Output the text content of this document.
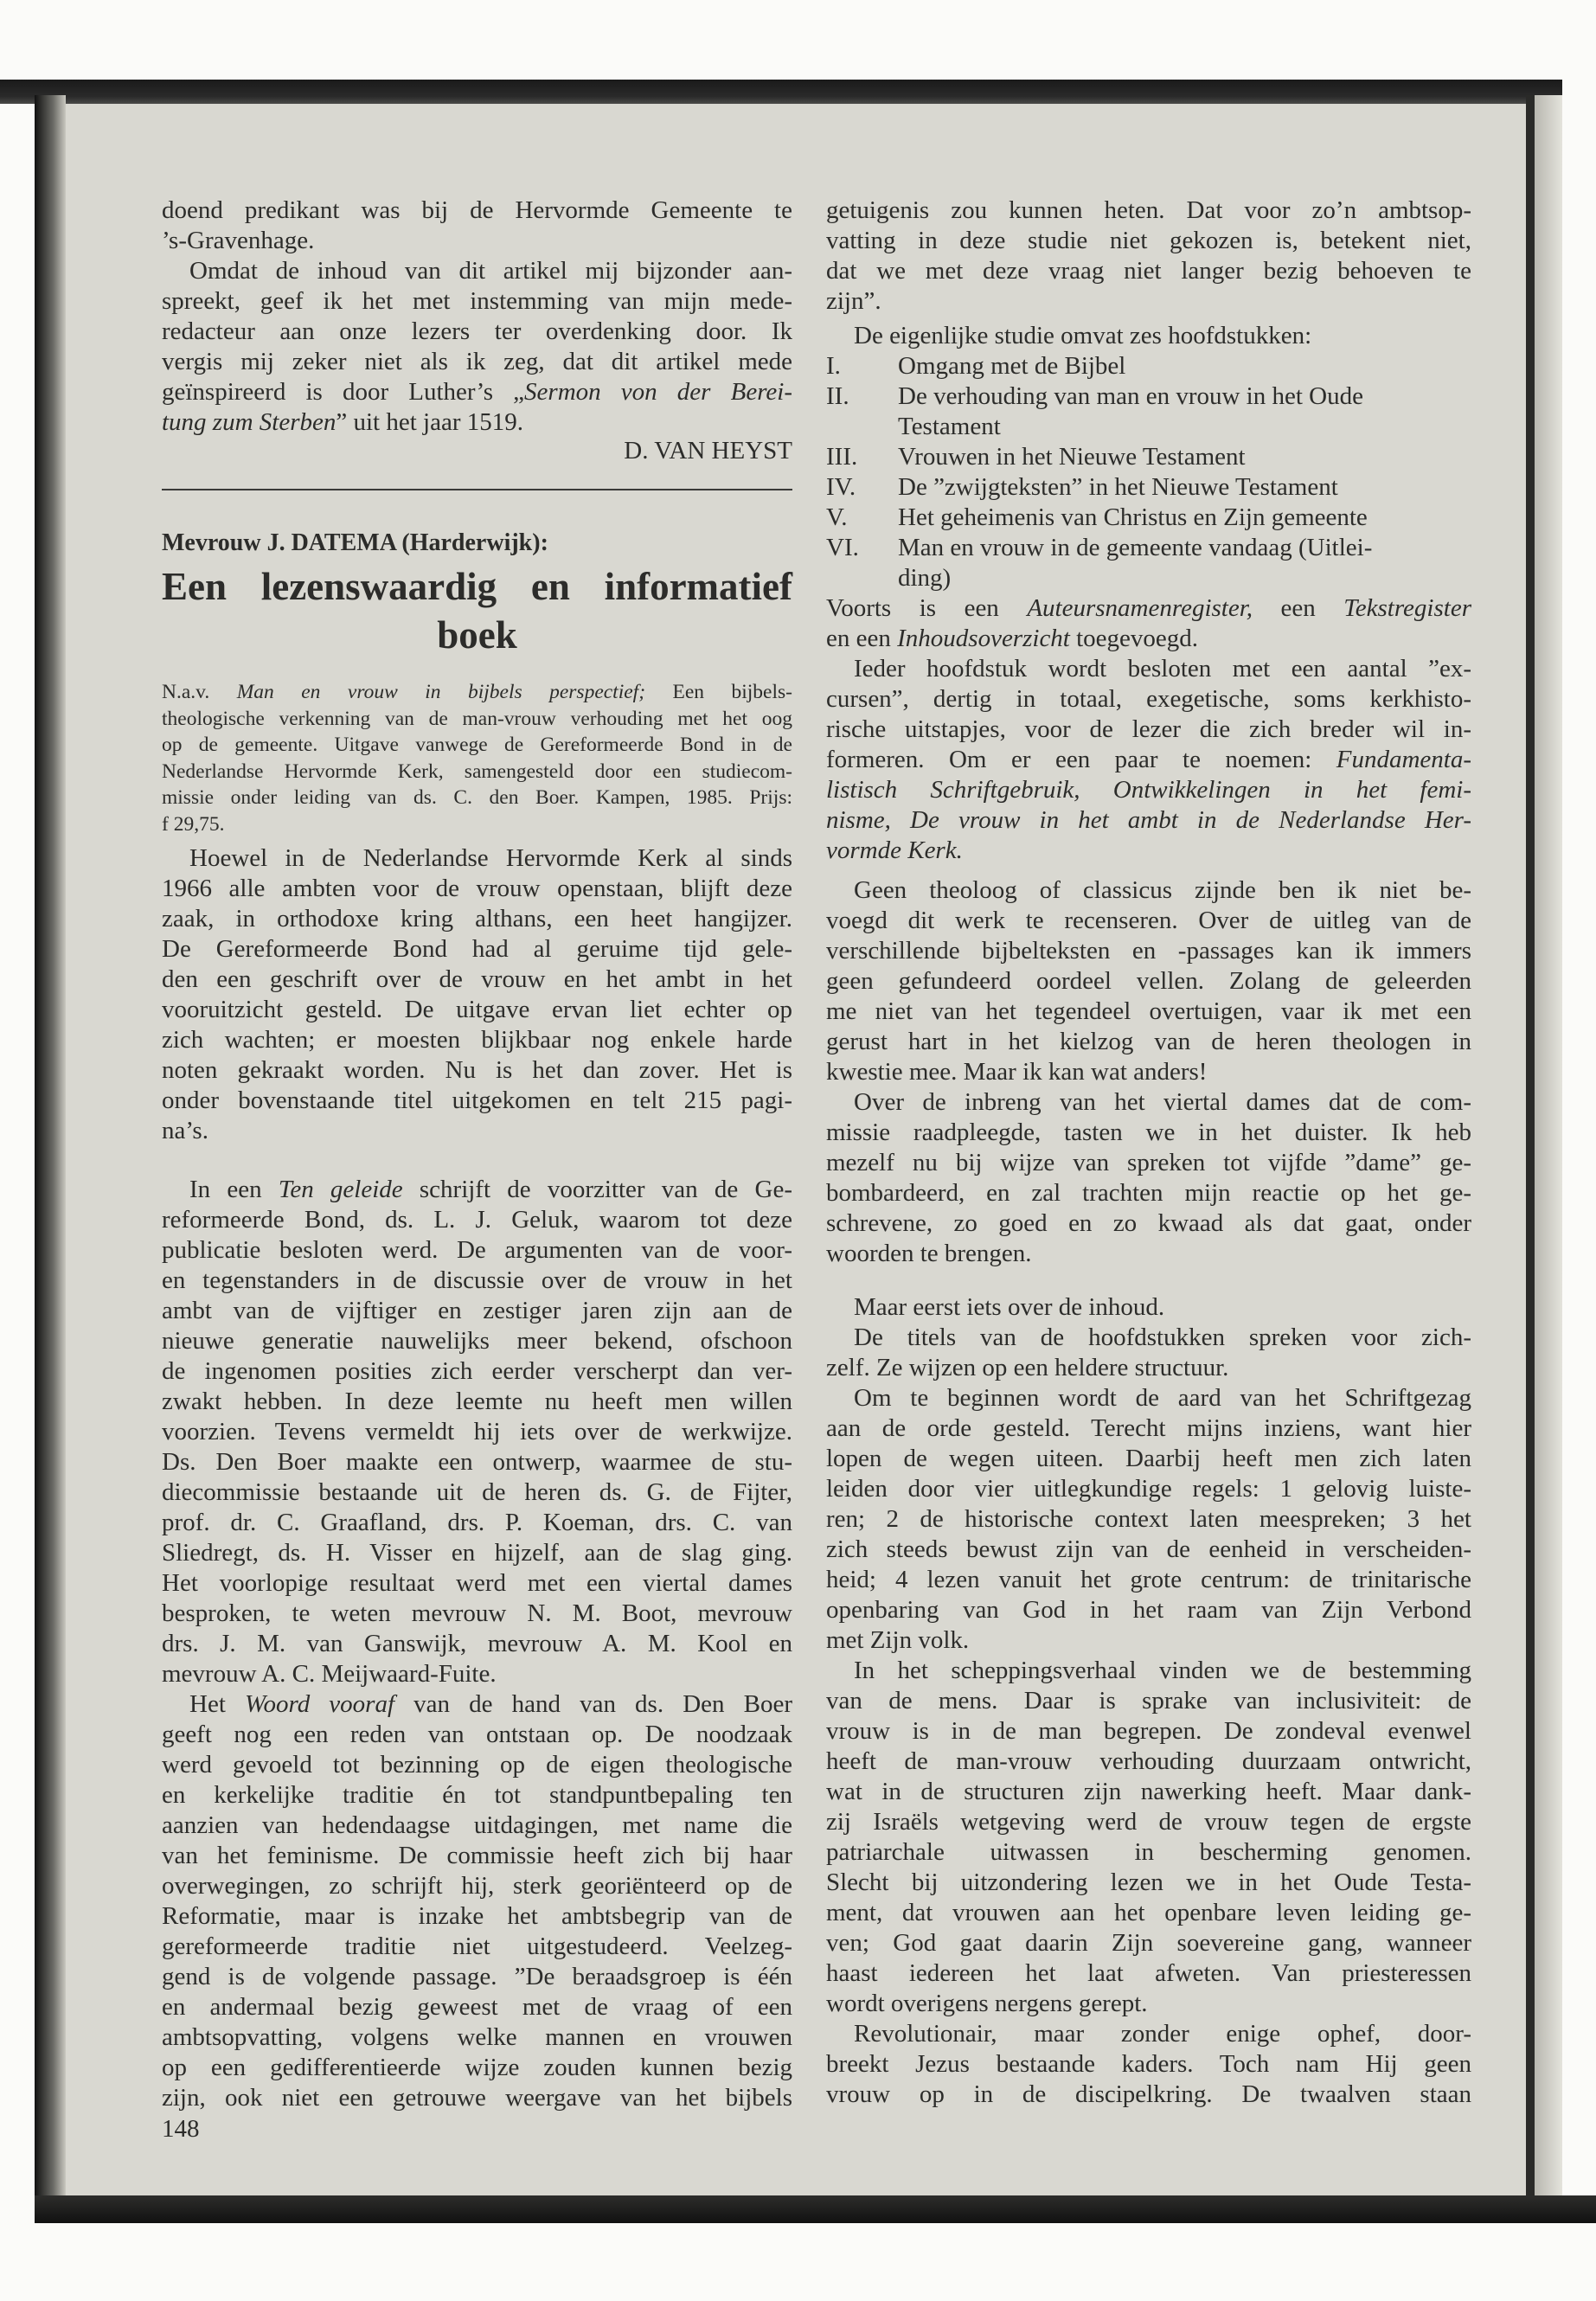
doend predikant was bij de Hervormde Gemeente te
’s-Gravenhage.
Omdat de inhoud van dit artikel mij bijzonder aan-
spreekt, geef ik het met instemming van mijn mede-
redacteur aan onze lezers ter overdenking door. Ik
vergis mij zeker niet als ik zeg, dat dit artikel mede
geïnspireerd is door Luther’s „Sermon von der Berei-
tung zum Sterben” uit het jaar 1519.
D. VAN HEYST
Mevrouw J. DATEMA (Harderwijk):
Een lezenswaardig en informatief
boek
N.a.v. Man en vrouw in bijbels perspectief; Een bijbels-
theologische verkenning van de man-vrouw verhouding met het oog
op de gemeente. Uitgave vanwege de Gereformeerde Bond in de
Nederlandse Hervormde Kerk, samengesteld door een studiecom-
missie onder leiding van ds. C. den Boer. Kampen, 1985. Prijs:
f 29,75.
Hoewel in de Nederlandse Hervormde Kerk al sinds
1966 alle ambten voor de vrouw openstaan, blijft deze
zaak, in orthodoxe kring althans, een heet hangijzer.
De Gereformeerde Bond had al geruime tijd gele-
den een geschrift over de vrouw en het ambt in het
vooruitzicht gesteld. De uitgave ervan liet echter op
zich wachten; er moesten blijkbaar nog enkele harde
noten gekraakt worden. Nu is het dan zover. Het is
onder bovenstaande titel uitgekomen en telt 215 pagi-
na’s.
In een Ten geleide schrijft de voorzitter van de Ge-
reformeerde Bond, ds. L. J. Geluk, waarom tot deze
publicatie besloten werd. De argumenten van de voor-
en tegenstanders in de discussie over de vrouw in het
ambt van de vijftiger en zestiger jaren zijn aan de
nieuwe generatie nauwelijks meer bekend, ofschoon
de ingenomen posities zich eerder verscherpt dan ver-
zwakt hebben. In deze leemte nu heeft men willen
voorzien. Tevens vermeldt hij iets over de werkwijze.
Ds. Den Boer maakte een ontwerp, waarmee de stu-
diecommissie bestaande uit de heren ds. G. de Fijter,
prof. dr. C. Graafland, drs. P. Koeman, drs. C. van
Sliedregt, ds. H. Visser en hijzelf, aan de slag ging.
Het voorlopige resultaat werd met een viertal dames
besproken, te weten mevrouw N. M. Boot, mevrouw
drs. J. M. van Ganswijk, mevrouw A. M. Kool en
mevrouw A. C. Meijwaard-Fuite.
Het Woord vooraf van de hand van ds. Den Boer
geeft nog een reden van ontstaan op. De noodzaak
werd gevoeld tot bezinning op de eigen theologische
en kerkelijke traditie én tot standpuntbepaling ten
aanzien van hedendaagse uitdagingen, met name die
van het feminisme. De commissie heeft zich bij haar
overwegingen, zo schrijft hij, sterk georiënteerd op de
Reformatie, maar is inzake het ambtsbegrip van de
gereformeerde traditie niet uitgestudeerd. Veelzeg-
gend is de volgende passage. ”De beraadsgroep is één
en andermaal bezig geweest met de vraag of een
ambtsopvatting, volgens welke mannen en vrouwen
op een gedifferentieerde wijze zouden kunnen bezig
zijn, ook niet een getrouwe weergave van het bijbels
148
getuigenis zou kunnen heten. Dat voor zo’n ambtsop-
vatting in deze studie niet gekozen is, betekent niet,
dat we met deze vraag niet langer bezig behoeven te
zijn”.
De eigenlijke studie omvat zes hoofdstukken:
I.	Omgang met de Bijbel
II.	De verhouding van man en vrouw in het Oude
Testament
III.	Vrouwen in het Nieuwe Testament
IV.	De ”zwijgteksten” in het Nieuwe Testament
V.	Het geheimenis van Christus en Zijn gemeente
VI.	Man en vrouw in de gemeente vandaag (Uitlei-
ding)
Voorts is een Auteursnamenregister, een Tekstregister
en een Inhoudsoverzicht toegevoegd.
Ieder hoofdstuk wordt besloten met een aantal ”ex-
cursen”, dertig in totaal, exegetische, soms kerkhisto-
rische uitstapjes, voor de lezer die zich breder wil in-
formeren. Om er een paar te noemen: Fundamenta-
listisch Schriftgebruik, Ontwikkelingen in het femi-
nisme, De vrouw in het ambt in de Nederlandse Her-
vormde Kerk.
Geen theoloog of classicus zijnde ben ik niet be-
voegd dit werk te recenseren. Over de uitleg van de
verschillende bijbelteksten en -passages kan ik immers
geen gefundeerd oordeel vellen. Zolang de geleerden
me niet van het tegendeel overtuigen, vaar ik met een
gerust hart in het kielzog van de heren theologen in
kwestie mee. Maar ik kan wat anders!
Over de inbreng van het viertal dames dat de com-
missie raadpleegde, tasten we in het duister. Ik heb
mezelf nu bij wijze van spreken tot vijfde ”dame” ge-
bombardeerd, en zal trachten mijn reactie op het ge-
schrevene, zo goed en zo kwaad als dat gaat, onder
woorden te brengen.
Maar eerst iets over de inhoud.
De titels van de hoofdstukken spreken voor zich-
zelf. Ze wijzen op een heldere structuur.
Om te beginnen wordt de aard van het Schriftgezag
aan de orde gesteld. Terecht mijns inziens, want hier
lopen de wegen uiteen. Daarbij heeft men zich laten
leiden door vier uitlegkundige regels: 1 gelovig luiste-
ren; 2 de historische context laten meespreken; 3 het
zich steeds bewust zijn van de eenheid in verscheiden-
heid; 4 lezen vanuit het grote centrum: de trinitarische
openbaring van God in het raam van Zijn Verbond
met Zijn volk.
In het scheppingsverhaal vinden we de bestemming
van de mens. Daar is sprake van inclusiviteit: de
vrouw is in de man begrepen. De zondeval evenwel
heeft de man-vrouw verhouding duurzaam ontwricht,
wat in de structuren zijn nawerking heeft. Maar dank-
zij Israëls wetgeving werd de vrouw tegen de ergste
patriarchale uitwassen in bescherming genomen.
Slecht bij uitzondering lezen we in het Oude Testa-
ment, dat vrouwen aan het openbare leven leiding ge-
ven; God gaat daarin Zijn soevereine gang, wanneer
haast iedereen het laat afweten. Van priesteressen
wordt overigens nergens gerept.
Revolutionair, maar zonder enige ophef, door-
breekt Jezus bestaande kaders. Toch nam Hij geen
vrouw op in de discipelkring. De twaalven staan
